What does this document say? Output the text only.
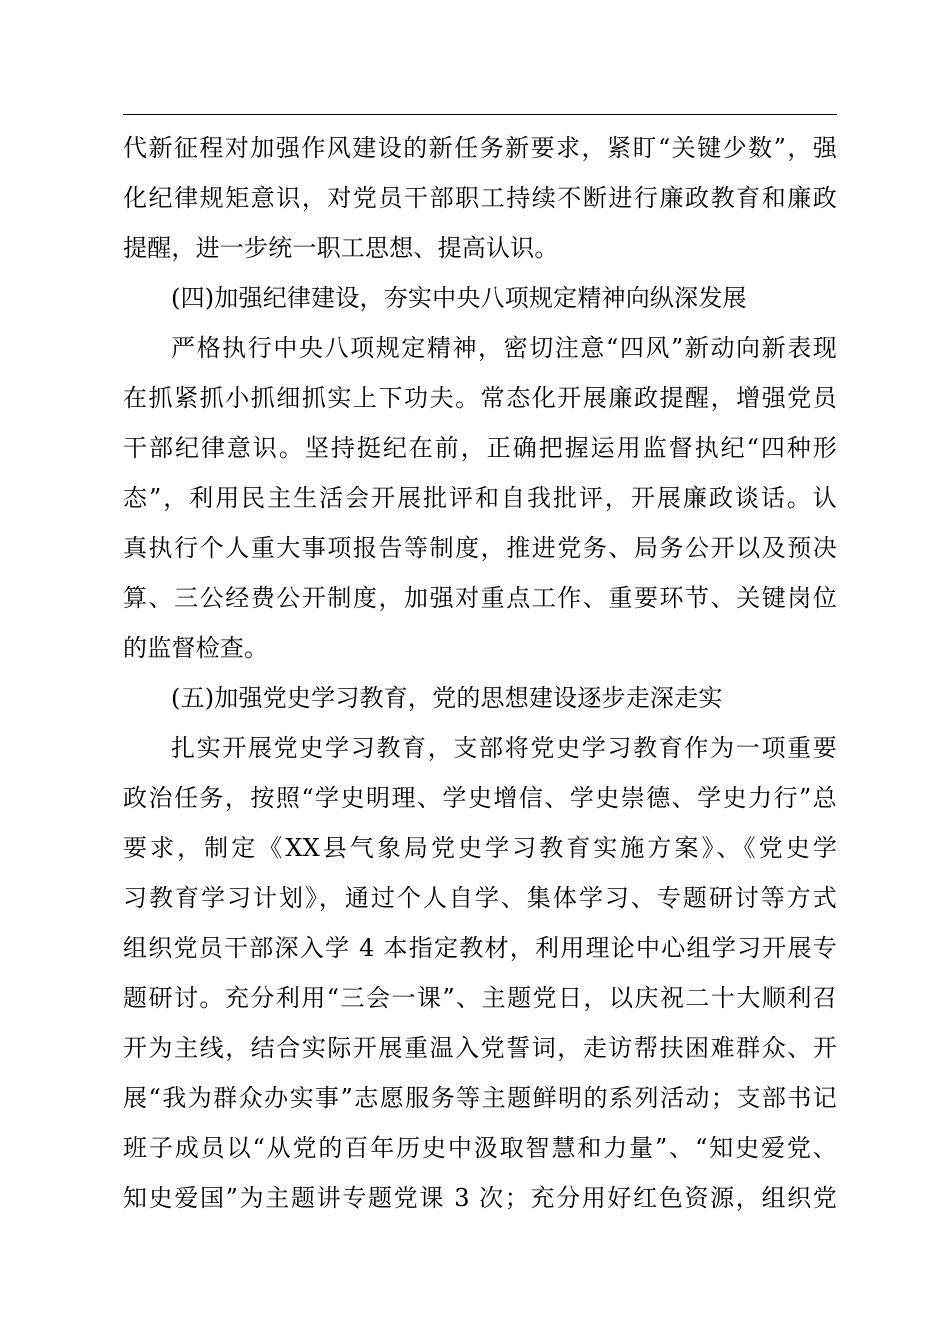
代新征程对加强作风建设的新任务新要求，紧盯“关键少数”，强
化纪律规矩意识，对党员干部职工持续不断进行廉政教育和廉政
提醒，进一步统一职工思想、提高认识。
(四)加强纪律建设，夯实中央八项规定精神向纵深发展
严格执行中央八项规定精神，密切注意“四风”新动向新表现
在抓紧抓小抓细抓实上下功夫。常态化开展廉政提醒，增强党员
干部纪律意识。坚持挺纪在前，正确把握运用监督执纪“四种形
态”，利用民主生活会开展批评和自我批评，开展廉政谈话。认
真执行个人重大事项报告等制度，推进党务、局务公开以及预决
算、三公经费公开制度，加强对重点工作、重要环节、关键岗位
的监督检查。
(五)加强党史学习教育，党的思想建设逐步走深走实
扎实开展党史学习教育，支部将党史学习教育作为一项重要
政治任务，按照“学史明理、学史增信、学史崇德、学史力行”总
要求，制定《XX县气象局党史学习教育实施方案》、《党史学
习教育学习计划》，通过个人自学、集体学习、专题研讨等方式
组织党员干部深入学 4 本指定教材，利用理论中心组学习开展专
题研讨。充分利用“三会一课”、主题党日，以庆祝二十大顺利召
开为主线，结合实际开展重温入党誓词，走访帮扶困难群众、开
展“我为群众办实事”志愿服务等主题鲜明的系列活动；支部书记
班子成员以“从党的百年历史中汲取智慧和力量”、“知史爱党、
知史爱国”为主题讲专题党课 3 次；充分用好红色资源，组织党
